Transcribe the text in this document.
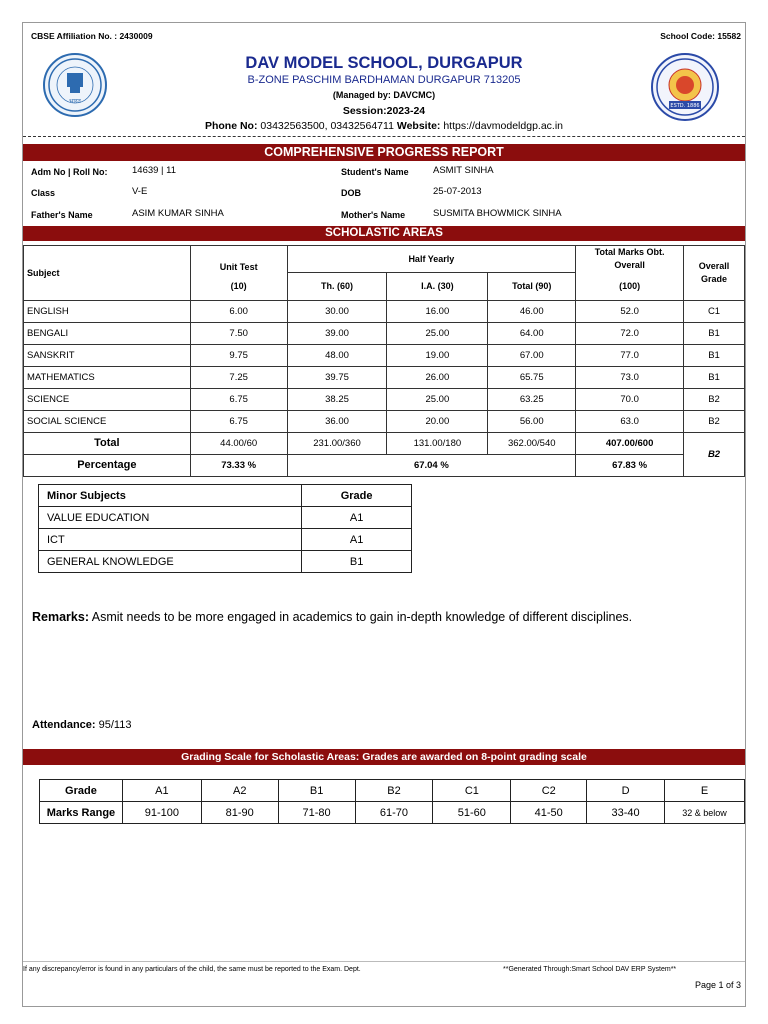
CBSE Affiliation No. : 2430009	School Code: 15582
भारत
ESTD. 1886
DAV MODEL SCHOOL, DURGAPUR
B-ZONE PASCHIM BARDHAMAN DURGAPUR 713205
(Managed by: DAVCMC)
Session:2023-24
Phone No: 03432563500, 03432564711 Website: https://davmodeldgp.ac.in
COMPREHENSIVE PROGRESS REPORT
Adm No | Roll No:	14639 | 11	Student's Name	ASMIT SINHA
Class	V-E	DOB	25-07-2013
Father's Name	ASIM KUMAR SINHA	Mother's Name	SUSMITA BHOWMICK SINHA
SCHOLASTIC AREAS
Subject	Unit Test	Half Yearly			Total Marks Obt. Overall	Overall Grade
	(10)	Th. (60)	I.A. (30)	Total (90)	(100)	
ENGLISH	6.00	30.00	16.00	46.00	52.0	C1
BENGALI	7.50	39.00	25.00	64.00	72.0	B1
SANSKRIT	9.75	48.00	19.00	67.00	77.0	B1
MATHEMATICS	7.25	39.75	26.00	65.75	73.0	B1
SCIENCE	6.75	38.25	25.00	63.25	70.0	B2
SOCIAL SCIENCE	6.75	36.00	20.00	56.00	63.0	B2
Total	44.00/60	231.00/360	131.00/180	362.00/540	407.00/600	B2
Percentage	73.33 %	67.04 %			67.83 %	
Minor Subjects	Grade
VALUE EDUCATION	A1
ICT	A1
GENERAL KNOWLEDGE	B1
Remarks: Asmit needs to be more engaged in academics to gain in-depth knowledge of different disciplines.
Attendance: 95/113
Grading Scale for Scholastic Areas: Grades are awarded on 8-point grading scale
Grade	A1	A2	B1	B2	C1	C2	D	E
Marks Range	91-100	81-90	71-80	61-70	51-60	41-50	33-40	32 & below
If any discrepancy/error is found in any particulars of the child, the same must be reported to the Exam. Dept.	**Generated Through:Smart School DAV ERP System**
Page 1 of 3
